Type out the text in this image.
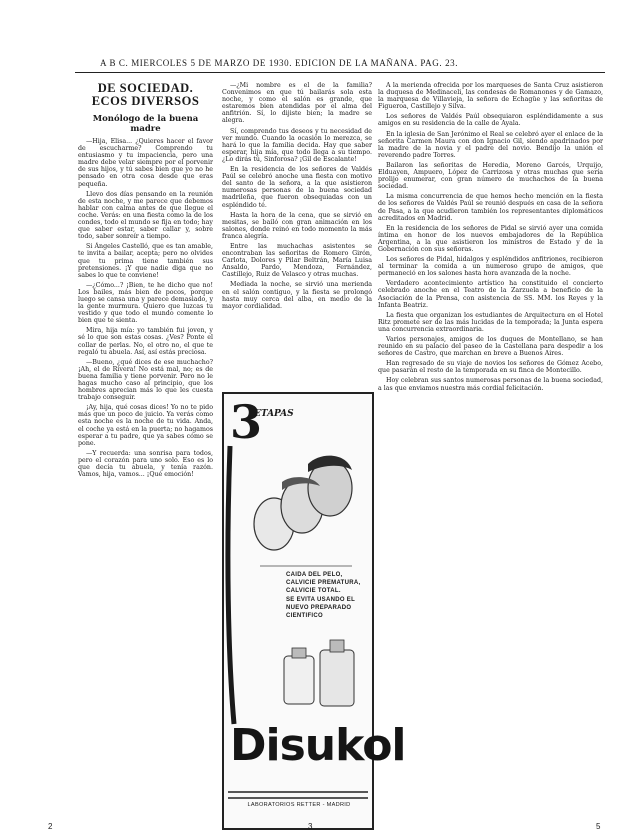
A B C. MIERCOLES 5 DE MARZO DE 1930. EDICION DE LA MAÑANA. PAG. 23.
DE SOCIEDAD.
ECOS DIVERSOS
Monólogo de la buena madre

—Hija, Elisa... ¿Quieres hacer el favor de escucharme? Comprendo tu entusiasmo y tu impaciencia, pero una madre debe velar siempre por el porvenir de sus hijos, y tú sabes bien que yo no he pensado en otra cosa desde que eras pequeña.

Llevo dos días pensando en la reunión de esta noche, y me parece que debemos hablar con calma antes de que llegue el coche. Verás: en una fiesta como la de los condes, todo el mundo se fija en todo; hay que saber estar, saber callar y, sobre todo, saber sonreír a tiempo.

Si Ángeles Castelló, que es tan amable, te invita a bailar, acepta; pero no olvides que tu prima tiene también sus pretensiones. ¡Y que nadie diga que no sabes lo que te conviene!

—¿Cómo...? ¡Bien, te he dicho que no! Los bailes, más bien de pocos, porque luego se cansa una y parece demasiado, y la gente murmura. Quiero que luzcas tu vestido y que todo el mundo comente lo bien que te sienta.

Mira, hija mía: yo también fui joven, y sé lo que son estas cosas. ¿Ves? Ponte el collar de perlas. No, el otro no, el que te regaló tu abuela. Así, así estás preciosa.

—Bueno, ¿qué dices de ese muchacho? ¡Ah, el de Rivera! No está mal, no; es de buena familia y tiene porvenir. Pero no le hagas mucho caso al principio, que los hombres aprecian más lo que les cuesta trabajo conseguir.

¡Ay, hija, qué cosas dices! Yo no te pido más que un poco de juicio. Ya verás como esta noche es la noche de tu vida. Anda, el coche ya está en la puerta; no hagamos esperar a tu padre, que ya sabes cómo se pone.

—Y recuerda: una sonrisa para todos, pero el corazón para uno solo. Eso es lo que decía tu abuela, y tenía razón. Vamos, hija, vamos... ¡Qué emoción!

—¿Mi nombre es el de la familia? Convenimos en que tú bailarás sola esta noche, y como el salón es grande, que estaremos bien atendidas por el alma del anfitrión. Sí, lo dijiste bien; la madre se alegra.

Sí, comprendo tus deseos y tu necesidad de ver mundo. Cuando la ocasión lo merezca, se hará lo que la familia decida. Hay que saber esperar, hija mía, que todo llega a su tiempo. ¿Lo dirás tú, Sinforosa? ¡Gil de Escalante!

En la residencia de los señores de Valdés Paúl se celebró anoche una fiesta con motivo del santo de la señora, a la que asistieron numerosas personas de la buena sociedad madrileña, que fueron obsequiadas con un espléndido té.

Hasta la hora de la cena, que se sirvió en mesitas, se bailó con gran animación en los salones, donde reinó en todo momento la más franca alegría.

Entre las muchachas asistentes se encontraban las señoritas de Romero Girón, Carlota, Dolores y Pilar Beltrán, María Luisa Ansaldo, Pardo, Mendoza, Fernández, Castillejo, Ruiz de Velasco y otras muchas.

Mediada la noche, se sirvió una merienda en el salón contiguo, y la fiesta se prolongó hasta muy cerca del alba, en medio de la mayor cordialidad.

3
ETAPAS
CAIDA DEL PELO,
CALVICIE PREMATURA,
CALVICIE TOTAL.
SE EVITA USANDO EL
NUEVO PREPARADO
CIENTIFICO
Disukol
LABORATORIOS RETTER - MADRID

A la merienda ofrecida por los marqueses de Santa Cruz asistieron la duquesa de Medinaceli, las condesas de Romanones y de Gamazo, la marquesa de Villavieja, la señora de Echagüe y las señoritas de Figueroa, Castillejo y Silva.

Los señores de Valdés Paúl obsequiaron espléndidamente a sus amigos en su residencia de la calle de Ayala.

En la iglesia de San Jerónimo el Real se celebró ayer el enlace de la señorita Carmen Maura con don Ignacio Gil, siendo apadrinados por la madre de la novia y el padre del novio. Bendijo la unión el reverendo padre Torres.

Bailaron las señoritas de Heredia, Moreno Garcés, Urquijo, Elduayen, Ampuero, López de Carrizosa y otras muchas que sería prolijo enumerar, con gran número de muchachos de la buena sociedad.

La misma concurrencia de que hemos hecho mención en la fiesta de los señores de Valdés Paúl se reunió después en casa de la señora de Pasa, a la que acudieron también los representantes diplomáticos acreditados en Madrid.

En la residencia de los señores de Pidal se sirvió ayer una comida íntima en honor de los nuevos embajadores de la República Argentina, a la que asistieron los ministros de Estado y de la Gobernación con sus señoras.

Los señores de Pidal, hidalgos y espléndidos anfitriones, recibieron al terminar la comida a un numeroso grupo de amigos, que permaneció en los salones hasta hora avanzada de la noche.

Verdadero acontecimiento artístico ha constituido el concierto celebrado anoche en el Teatro de la Zarzuela a beneficio de la Asociación de la Prensa, con asistencia de SS. MM. los Reyes y la Infanta Beatriz.

La fiesta que organizan los estudiantes de Arquitectura en el Hotel Ritz promete ser de las más lucidas de la temporada; la Junta espera una concurrencia extraordinaria.

Varios personajes, amigos de los duques de Montellano, se han reunido en su palacio del paseo de la Castellana para despedir a los señores de Castro, que marchan en breve a Buenos Aires.

Han regresado de su viaje de novios los señores de Gómez Acebo, que pasarán el resto de la temporada en su finca de Montecillo.

Hoy celebran sus santos numerosas personas de la buena sociedad, a las que enviamos nuestra más cordial felicitación.

2	3	5
